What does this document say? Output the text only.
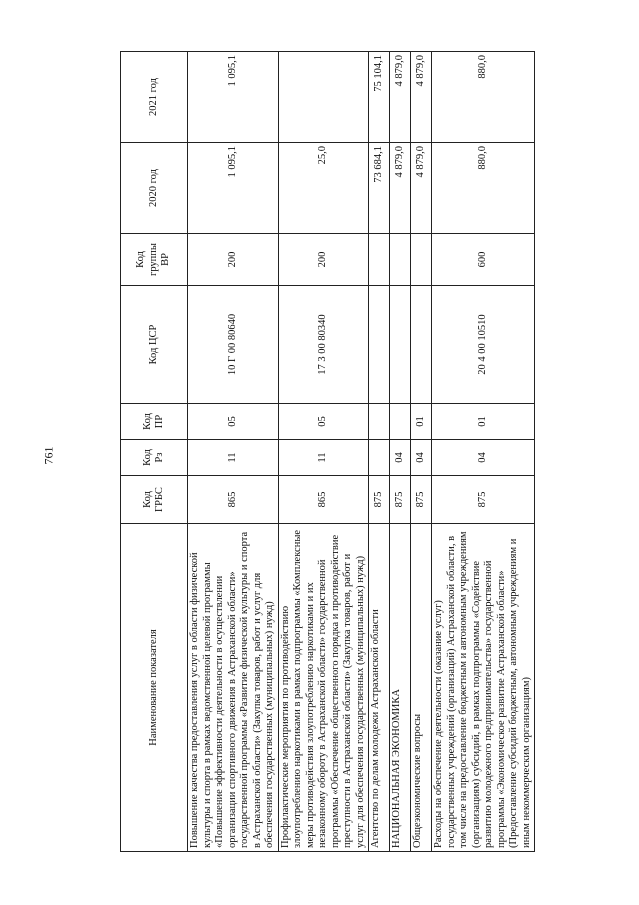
761
Наименование показателя	Код ГРБС	Код Рз	Код ПР	Код ЦСР	Код группы ВР	2020 год	2021 год
Повышение качества предоставления услуг в области физической культуры и спорта в рамках ведомственной целевой программы «Повышение эффективности деятельности в осуществлении организации спортивного движения в Астраханской области» государственной программы «Развитие физической культуры и спорта в Астраханской области» (Закупка товаров, работ и услуг для обеспечения государственных (муниципальных) нужд)	865	11	05	10 Г 00 80640	200	1 095,1	1 095,1
Профилактические мероприятия по противодействию злоупотреблению наркотиками в рамках подпрограммы «Комплексные меры противодействия злоупотреблению наркотиками и их незаконному обороту в Астраханской области» государственной программы «Обеспечение общественного порядка и противодействие преступности в Астраханской области» (Закупка товаров, работ и услуг для обеспечения государственных (муниципальных) нужд)	865	11	05	17 3 00 80340	200	25,0	
Агентство по делам молодежи Астраханской области	875					73 684,1	75 104,1
НАЦИОНАЛЬНАЯ ЭКОНОМИКА	875	04				4 879,0	4 879,0
Общеэкономические вопросы	875	04	01			4 879,0	4 879,0
Расходы на обеспечение деятельности (оказание услуг) государственных учреждений (организаций) Астраханской области, в том числе на предоставление бюджетным и автономным учреждениям (организациям) субсидий, в рамках подпрограммы «Содействие развитию молодежного предпринимательства» государственной программы «Экономическое развитие Астраханской области» (Предоставление субсидий бюджетным, автономным учреждениям и иным некоммерческим организациям)	875	04	01	20 4 00 10510	600	880,0	880,0
